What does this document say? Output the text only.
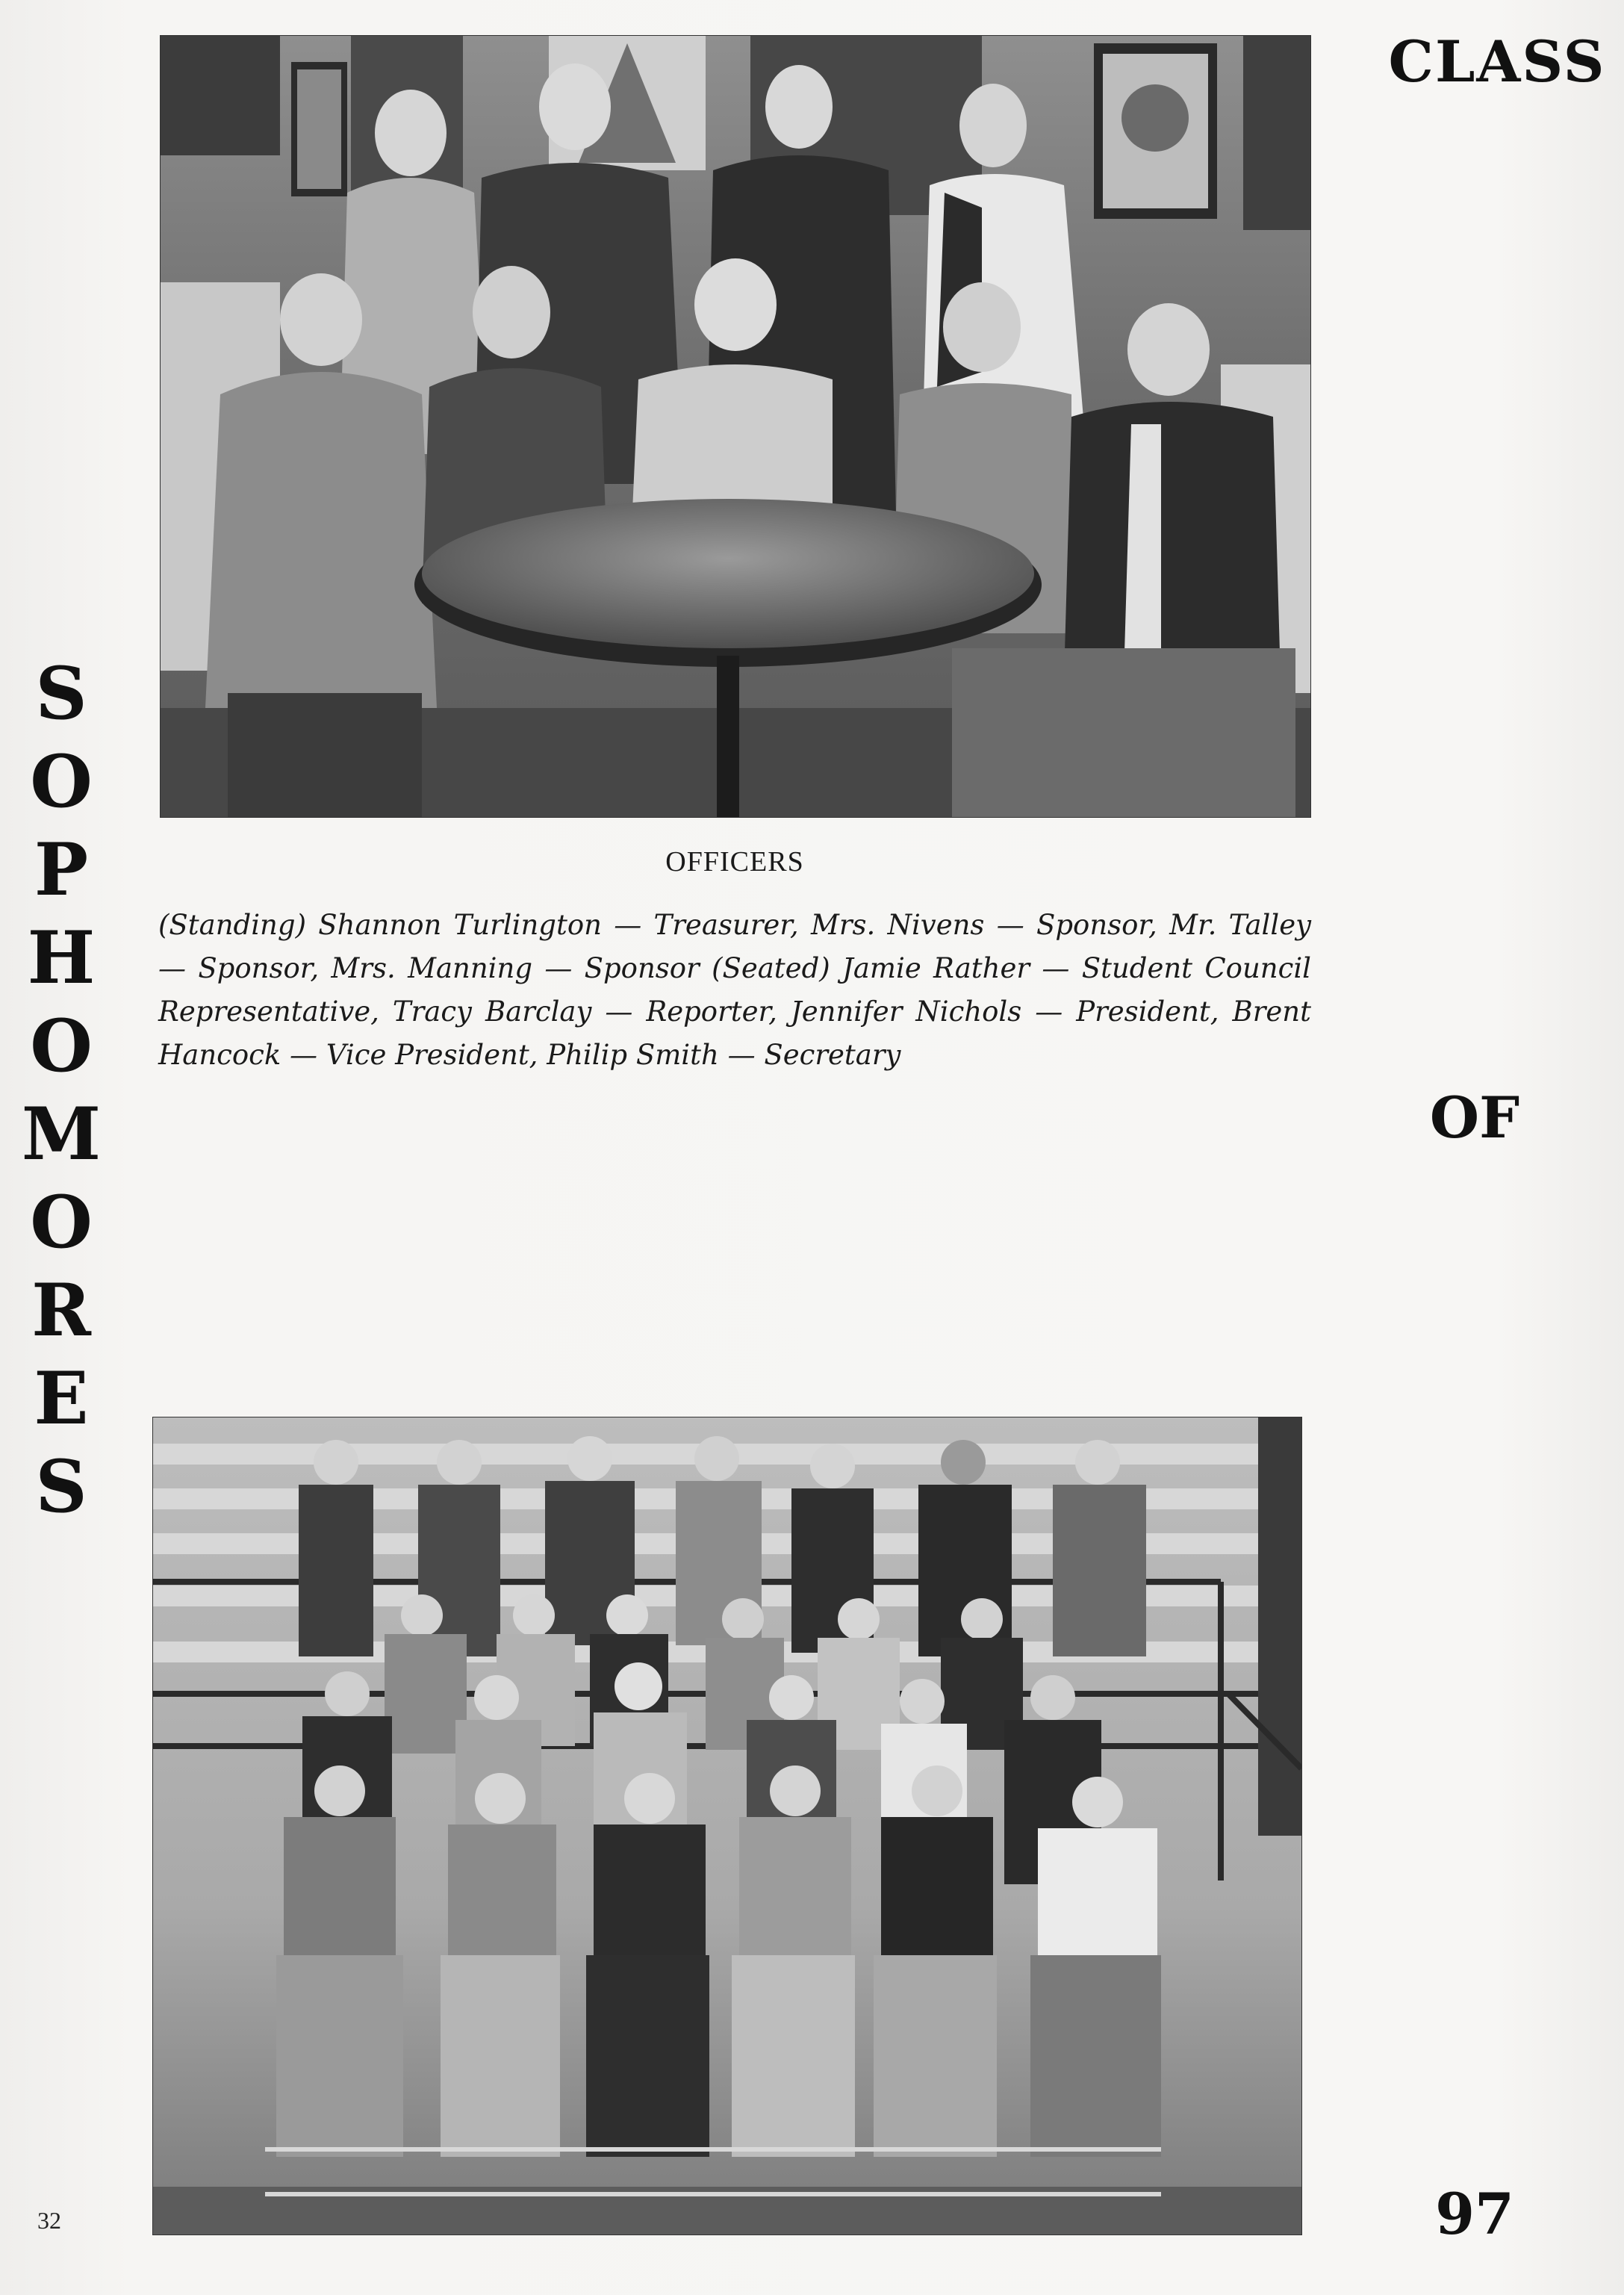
OFFICERS
(Standing) Shannon Turlington — Treasurer, Mrs. Nivens — Sponsor, Mr. Talley — Sponsor, Mrs. Manning — Sponsor (Seated) Jamie Rather — Student Council Representative, Tracy Barclay — Reporter, Jennifer Nichols — President, Brent Hancock — Vice President, Philip Smith — Secretary
S
O
P
H
O
M
O
R
E
S
CLASS
OF
97
32
